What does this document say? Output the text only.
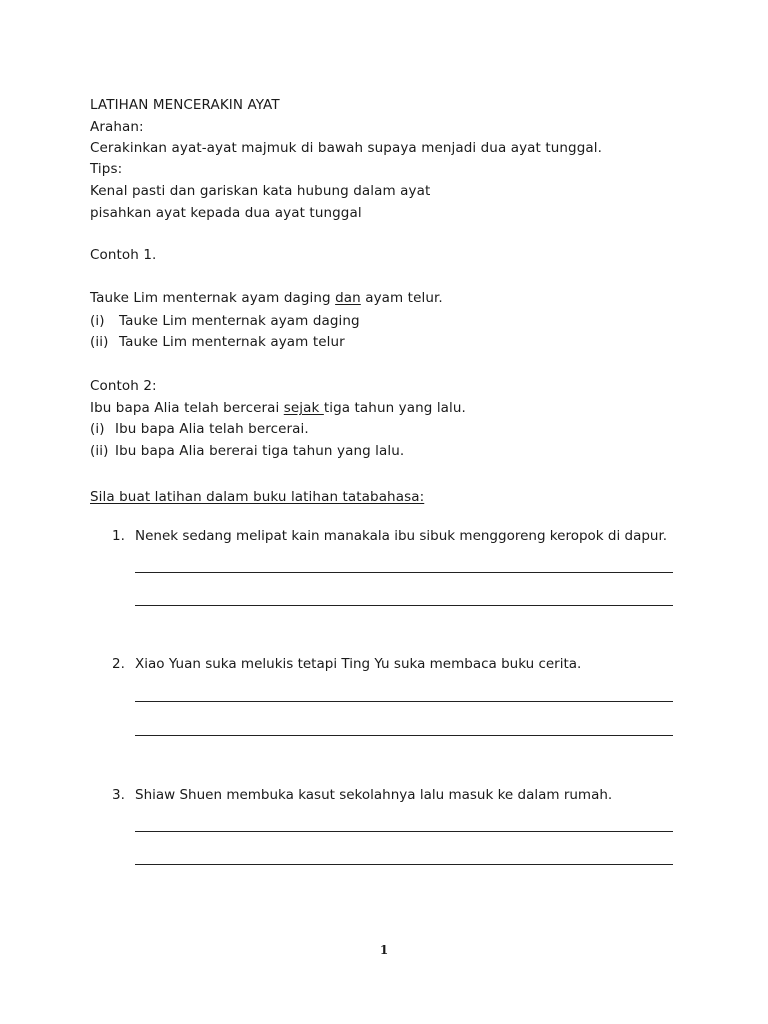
LATIHAN MENCERAKIN AYAT
Arahan:
Cerakinkan ayat-ayat majmuk di bawah supaya menjadi dua ayat tunggal.
Tips:
Kenal pasti dan gariskan kata hubung dalam ayat
pisahkan ayat kepada dua ayat tunggal
Contoh 1.
Tauke Lim menternak ayam daging dan ayam telur.
(i) Tauke Lim menternak ayam daging
(ii) Tauke Lim menternak ayam telur
Contoh 2:
Ibu bapa Alia telah bercerai sejak tiga tahun yang lalu.
(i) Ibu bapa Alia telah bercerai.
(ii) Ibu bapa Alia bererai tiga tahun yang lalu.
Sila buat latihan dalam buku latihan tatabahasa:
1. Nenek sedang melipat kain manakala ibu sibuk menggoreng keropok di dapur.
2. Xiao Yuan suka melukis tetapi Ting Yu suka membaca buku cerita.
3. Shiaw Shuen membuka kasut sekolahnya lalu masuk ke dalam rumah.
1
